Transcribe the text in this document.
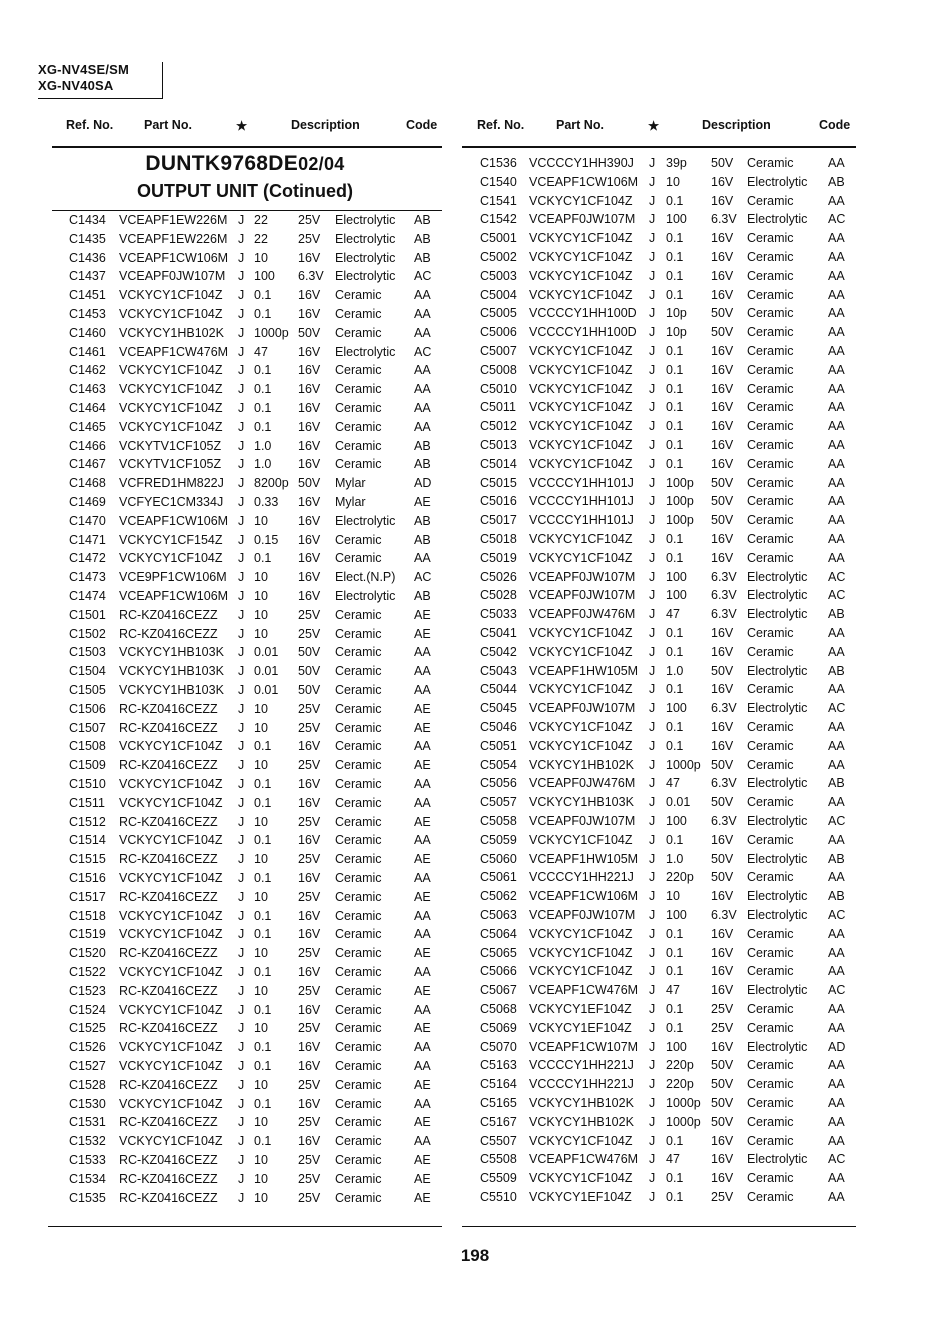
XG-NV4SE/SM
XG-NV40SA
Ref. No. Part No.	★	Description	Code	Ref. No.	Part No.	★	Description	Code
DUNTK9768DE02/04
OUTPUT UNIT (Cotinued)
C1434 VCEAPF1EW226M J 22 25V Electrolytic AB
C1435 VCEAPF1EW226M J 22 25V Electrolytic AB
C1436 VCEAPF1CW106M J 10 16V Electrolytic AB
C1437 VCEAPF0JW107M J 100 6.3V Electrolytic AC
C1451 VCKYCY1CF104Z J 0.1 16V Ceramic	AA
C1453 VCKYCY1CF104Z J 0.1 16V Ceramic	AA
C1460 VCKYCY1HB102K J 1000p 50V Ceramic	AA
C1461 VCEAPF1CW476M J 47 16V Electrolytic AC
C1462 VCKYCY1CF104Z J 0.1 16V Ceramic	AA
C1463 VCKYCY1CF104Z J 0.1 16V Ceramic	AA
C1464 VCKYCY1CF104Z J 0.1 16V Ceramic	AA
C1465 VCKYCY1CF104Z J 0.1 16V Ceramic	AA
C1466 VCKYTV1CF105Z J 1.0 16V Ceramic	AB
C1467 VCKYTV1CF105Z J 1.0 16V Ceramic	AB
C1468 VCFRED1HM822J J 8200p 50V Mylar	AD
C1469 VCFYEC1CM334J J 0.33 16V Mylar	AE
C1470 VCEAPF1CW106M J 10 16V Electrolytic AB
C1471 VCKYCY1CF154Z J 0.15 16V Ceramic	AB
C1472 VCKYCY1CF104Z J 0.1 16V Ceramic	AA
C1473 VCE9PF1CW106M J 10 16V Elect.(N.P) AC
C1474 VCEAPF1CW106M J 10 16V Electrolytic AB
C1501 RC-KZ0416CEZZ J 10 25V Ceramic	AE
C1502 RC-KZ0416CEZZ J 10 25V Ceramic	AE
C1503 VCKYCY1HB103K J 0.01 50V Ceramic	AA
C1504 VCKYCY1HB103K J 0.01 50V Ceramic	AA
C1505 VCKYCY1HB103K J 0.01 50V Ceramic	AA
C1506 RC-KZ0416CEZZ J 10 25V Ceramic	AE
C1507 RC-KZ0416CEZZ J 10 25V Ceramic	AE
C1508 VCKYCY1CF104Z J 0.1 16V Ceramic	AA
C1509 RC-KZ0416CEZZ J 10 25V Ceramic	AE
C1510 VCKYCY1CF104Z J 0.1 16V Ceramic	AA
C1511 VCKYCY1CF104Z J 0.1 16V Ceramic	AA
C1512 RC-KZ0416CEZZ J 10 25V Ceramic	AE
C1514 VCKYCY1CF104Z J 0.1 16V Ceramic	AA
C1515 RC-KZ0416CEZZ J 10 25V Ceramic	AE
C1516 VCKYCY1CF104Z J 0.1 16V Ceramic	AA
C1517 RC-KZ0416CEZZ J 10 25V Ceramic	AE
C1518 VCKYCY1CF104Z J 0.1 16V Ceramic	AA
C1519 VCKYCY1CF104Z J 0.1 16V Ceramic	AA
C1520 RC-KZ0416CEZZ J 10 25V Ceramic	AE
C1522 VCKYCY1CF104Z J 0.1 16V Ceramic	AA
C1523 RC-KZ0416CEZZ J 10 25V Ceramic	AE
C1524 VCKYCY1CF104Z J 0.1 16V Ceramic	AA
C1525 RC-KZ0416CEZZ J 10 25V Ceramic	AE
C1526 VCKYCY1CF104Z J 0.1 16V Ceramic	AA
C1527 VCKYCY1CF104Z J 0.1 16V Ceramic	AA
C1528 RC-KZ0416CEZZ J 10 25V Ceramic	AE
C1530 VCKYCY1CF104Z J 0.1 16V Ceramic	AA
C1531 RC-KZ0416CEZZ J 10 25V Ceramic	AE
C1532 VCKYCY1CF104Z J 0.1 16V Ceramic	AA
C1533 RC-KZ0416CEZZ J 10 25V Ceramic	AE
C1534 RC-KZ0416CEZZ J 10 25V Ceramic	AE
C1535 RC-KZ0416CEZZ J 10 25V Ceramic	AE
C1536 VCCCCY1HH390J J 39p 50V Ceramic	AA
C1540 VCEAPF1CW106M J 10 16V Electrolytic AB
C1541 VCKYCY1CF104Z J 0.1 16V Ceramic	AA
C1542 VCEAPF0JW107M J 100 6.3V Electrolytic AC
C5001 VCKYCY1CF104Z J 0.1 16V Ceramic	AA
C5002 VCKYCY1CF104Z J 0.1 16V Ceramic	AA
C5003 VCKYCY1CF104Z J 0.1 16V Ceramic	AA
C5004 VCKYCY1CF104Z J 0.1 16V Ceramic	AA
C5005 VCCCCY1HH100D J 10p 50V Ceramic	AA
C5006 VCCCCY1HH100D J 10p 50V Ceramic	AA
C5007 VCKYCY1CF104Z J 0.1 16V Ceramic	AA
C5008 VCKYCY1CF104Z J 0.1 16V Ceramic	AA
C5010 VCKYCY1CF104Z J 0.1 16V Ceramic	AA
C5011 VCKYCY1CF104Z J 0.1 16V Ceramic	AA
C5012 VCKYCY1CF104Z J 0.1 16V Ceramic	AA
C5013 VCKYCY1CF104Z J 0.1 16V Ceramic	AA
C5014 VCKYCY1CF104Z J 0.1 16V Ceramic	AA
C5015 VCCCCY1HH101J J 100p 50V Ceramic	AA
C5016 VCCCCY1HH101J J 100p 50V Ceramic	AA
C5017 VCCCCY1HH101J J 100p 50V Ceramic	AA
C5018 VCKYCY1CF104Z J 0.1 16V Ceramic	AA
C5019 VCKYCY1CF104Z J 0.1 16V Ceramic	AA
C5026 VCEAPF0JW107M J 100 6.3V Electrolytic AC
C5028 VCEAPF0JW107M J 100 6.3V Electrolytic AC
C5033 VCEAPF0JW476M J 47 6.3V Electrolytic AB
C5041 VCKYCY1CF104Z J 0.1 16V Ceramic	AA
C5042 VCKYCY1CF104Z J 0.1 16V Ceramic	AA
C5043 VCEAPF1HW105M J 1.0 50V Electrolytic AB
C5044 VCKYCY1CF104Z J 0.1 16V Ceramic	AA
C5045 VCEAPF0JW107M J 100 6.3V Electrolytic AC
C5046 VCKYCY1CF104Z J 0.1 16V Ceramic	AA
C5051 VCKYCY1CF104Z J 0.1 16V Ceramic	AA
C5054 VCKYCY1HB102K J 1000p 50V Ceramic	AA
C5056 VCEAPF0JW476M J 47 6.3V Electrolytic AB
C5057 VCKYCY1HB103K J 0.01 50V Ceramic	AA
C5058 VCEAPF0JW107M J 100 6.3V Electrolytic AC
C5059 VCKYCY1CF104Z J 0.1 16V Ceramic	AA
C5060 VCEAPF1HW105M J 1.0 50V Electrolytic AB
C5061 VCCCCY1HH221J J 220p 50V Ceramic	AA
C5062 VCEAPF1CW106M J 10 16V Electrolytic AB
C5063 VCEAPF0JW107M J 100 6.3V Electrolytic AC
C5064 VCKYCY1CF104Z J 0.1 16V Ceramic	AA
C5065 VCKYCY1CF104Z J 0.1 16V Ceramic	AA
C5066 VCKYCY1CF104Z J 0.1 16V Ceramic	AA
C5067 VCEAPF1CW476M J 47 16V Electrolytic AC
C5068 VCKYCY1EF104Z J 0.1 25V Ceramic	AA
C5069 VCKYCY1EF104Z J 0.1 25V Ceramic	AA
C5070 VCEAPF1CW107M J 100 16V Electrolytic AD
C5163 VCCCCY1HH221J J 220p 50V Ceramic	AA
C5164 VCCCCY1HH221J J 220p 50V Ceramic	AA
C5165 VCKYCY1HB102K J 1000p 50V Ceramic	AA
C5167 VCKYCY1HB102K J 1000p 50V Ceramic	AA
C5507 VCKYCY1CF104Z J 0.1 16V Ceramic	AA
C5508 VCEAPF1CW476M J 47 16V Electrolytic AC
C5509 VCKYCY1CF104Z J 0.1 16V Ceramic	AA
C5510 VCKYCY1EF104Z J 0.1 25V Ceramic	AA
198
